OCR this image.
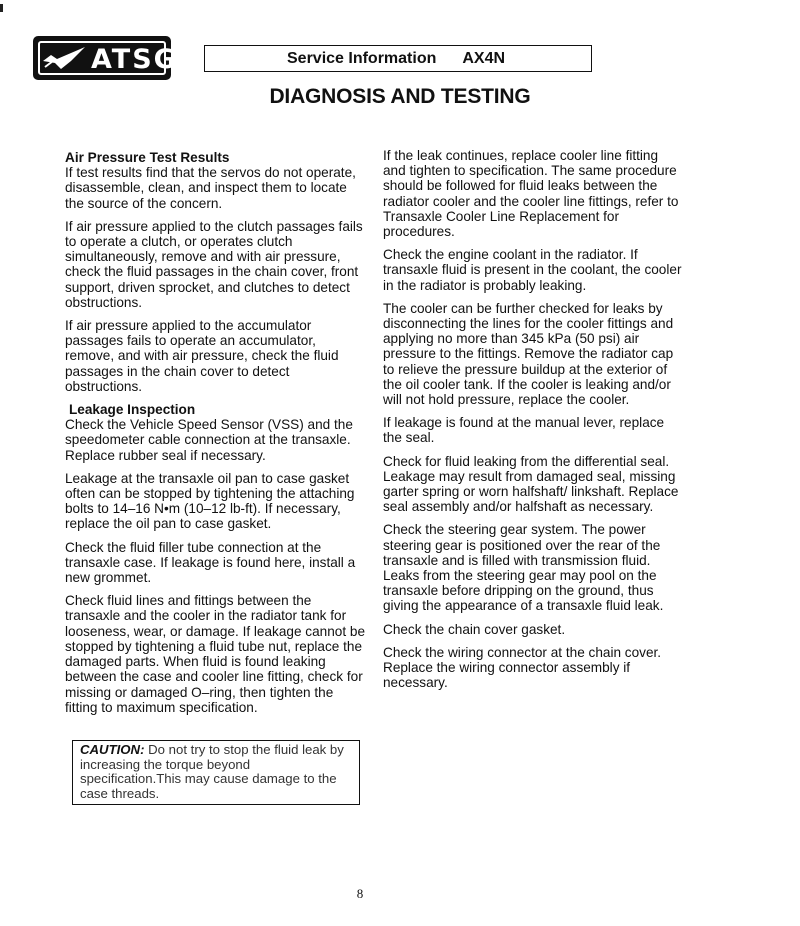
ATSG	Service Information AX4N
DIAGNOSIS AND TESTING
Air Pressure Test Results

If test results find that the servos do not operate, disassemble, clean, and inspect them to locate the source of the concern.

If air pressure applied to the clutch passages fails to operate a clutch, or operates clutch simultaneously, remove and with air pressure, check the fluid passages in the chain cover, front support, driven sprocket, and clutches to detect obstructions.

If air pressure applied to the accumulator passages fails to operate an accumulator, remove, and with air pressure, check the fluid passages in the chain cover to detect obstructions.

Leakage Inspection

Check the Vehicle Speed Sensor (VSS) and the speedometer cable connection at the transaxle. Replace rubber seal if necessary.

Leakage at the transaxle oil pan to case gasket often can be stopped by tightening the attaching bolts to 14–16 N•m (10–12 lb-ft). If necessary, replace the oil pan to case gasket.

Check the fluid filler tube connection at the transaxle case. If leakage is found here, install a new grommet.

Check fluid lines and fittings between the transaxle and the cooler in the radiator tank for looseness, wear, or damage. If leakage cannot be stopped by tightening a fluid tube nut, replace the damaged parts. When fluid is found leaking between the case and cooler line fitting, check for missing or damaged O–ring, then tighten the fitting to maximum specification.

CAUTION: Do not try to stop the fluid leak by increasing the torque beyond specification.This may cause damage to the case threads.

If the leak continues, replace cooler line fitting and tighten to specification. The same procedure should be followed for fluid leaks between the radiator cooler and the cooler line fittings, refer to Transaxle Cooler Line Replacement for procedures.

Check the engine coolant in the radiator. If transaxle fluid is present in the coolant, the cooler in the radiator is probably leaking.

The cooler can be further checked for leaks by disconnecting the lines for the cooler fittings and applying no more than 345 kPa (50 psi) air pressure to the fittings. Remove the radiator cap to relieve the pressure buildup at the exterior of the oil cooler tank. If the cooler is leaking and/or will not hold pressure, replace the cooler.

If leakage is found at the manual lever, replace the seal.

Check for fluid leaking from the differential seal. Leakage may result from damaged seal, missing garter spring or worn halfshaft/ linkshaft. Replace seal assembly and/or halfshaft as necessary.

Check the steering gear system. The power steering gear is positioned over the rear of the transaxle and is filled with transmission fluid. Leaks from the steering gear may pool on the transaxle before dripping on the ground, thus giving the appearance of a transaxle fluid leak.

Check the chain cover gasket.

Check the wiring connector at the chain cover. Replace the wiring connector assembly if necessary.

8
